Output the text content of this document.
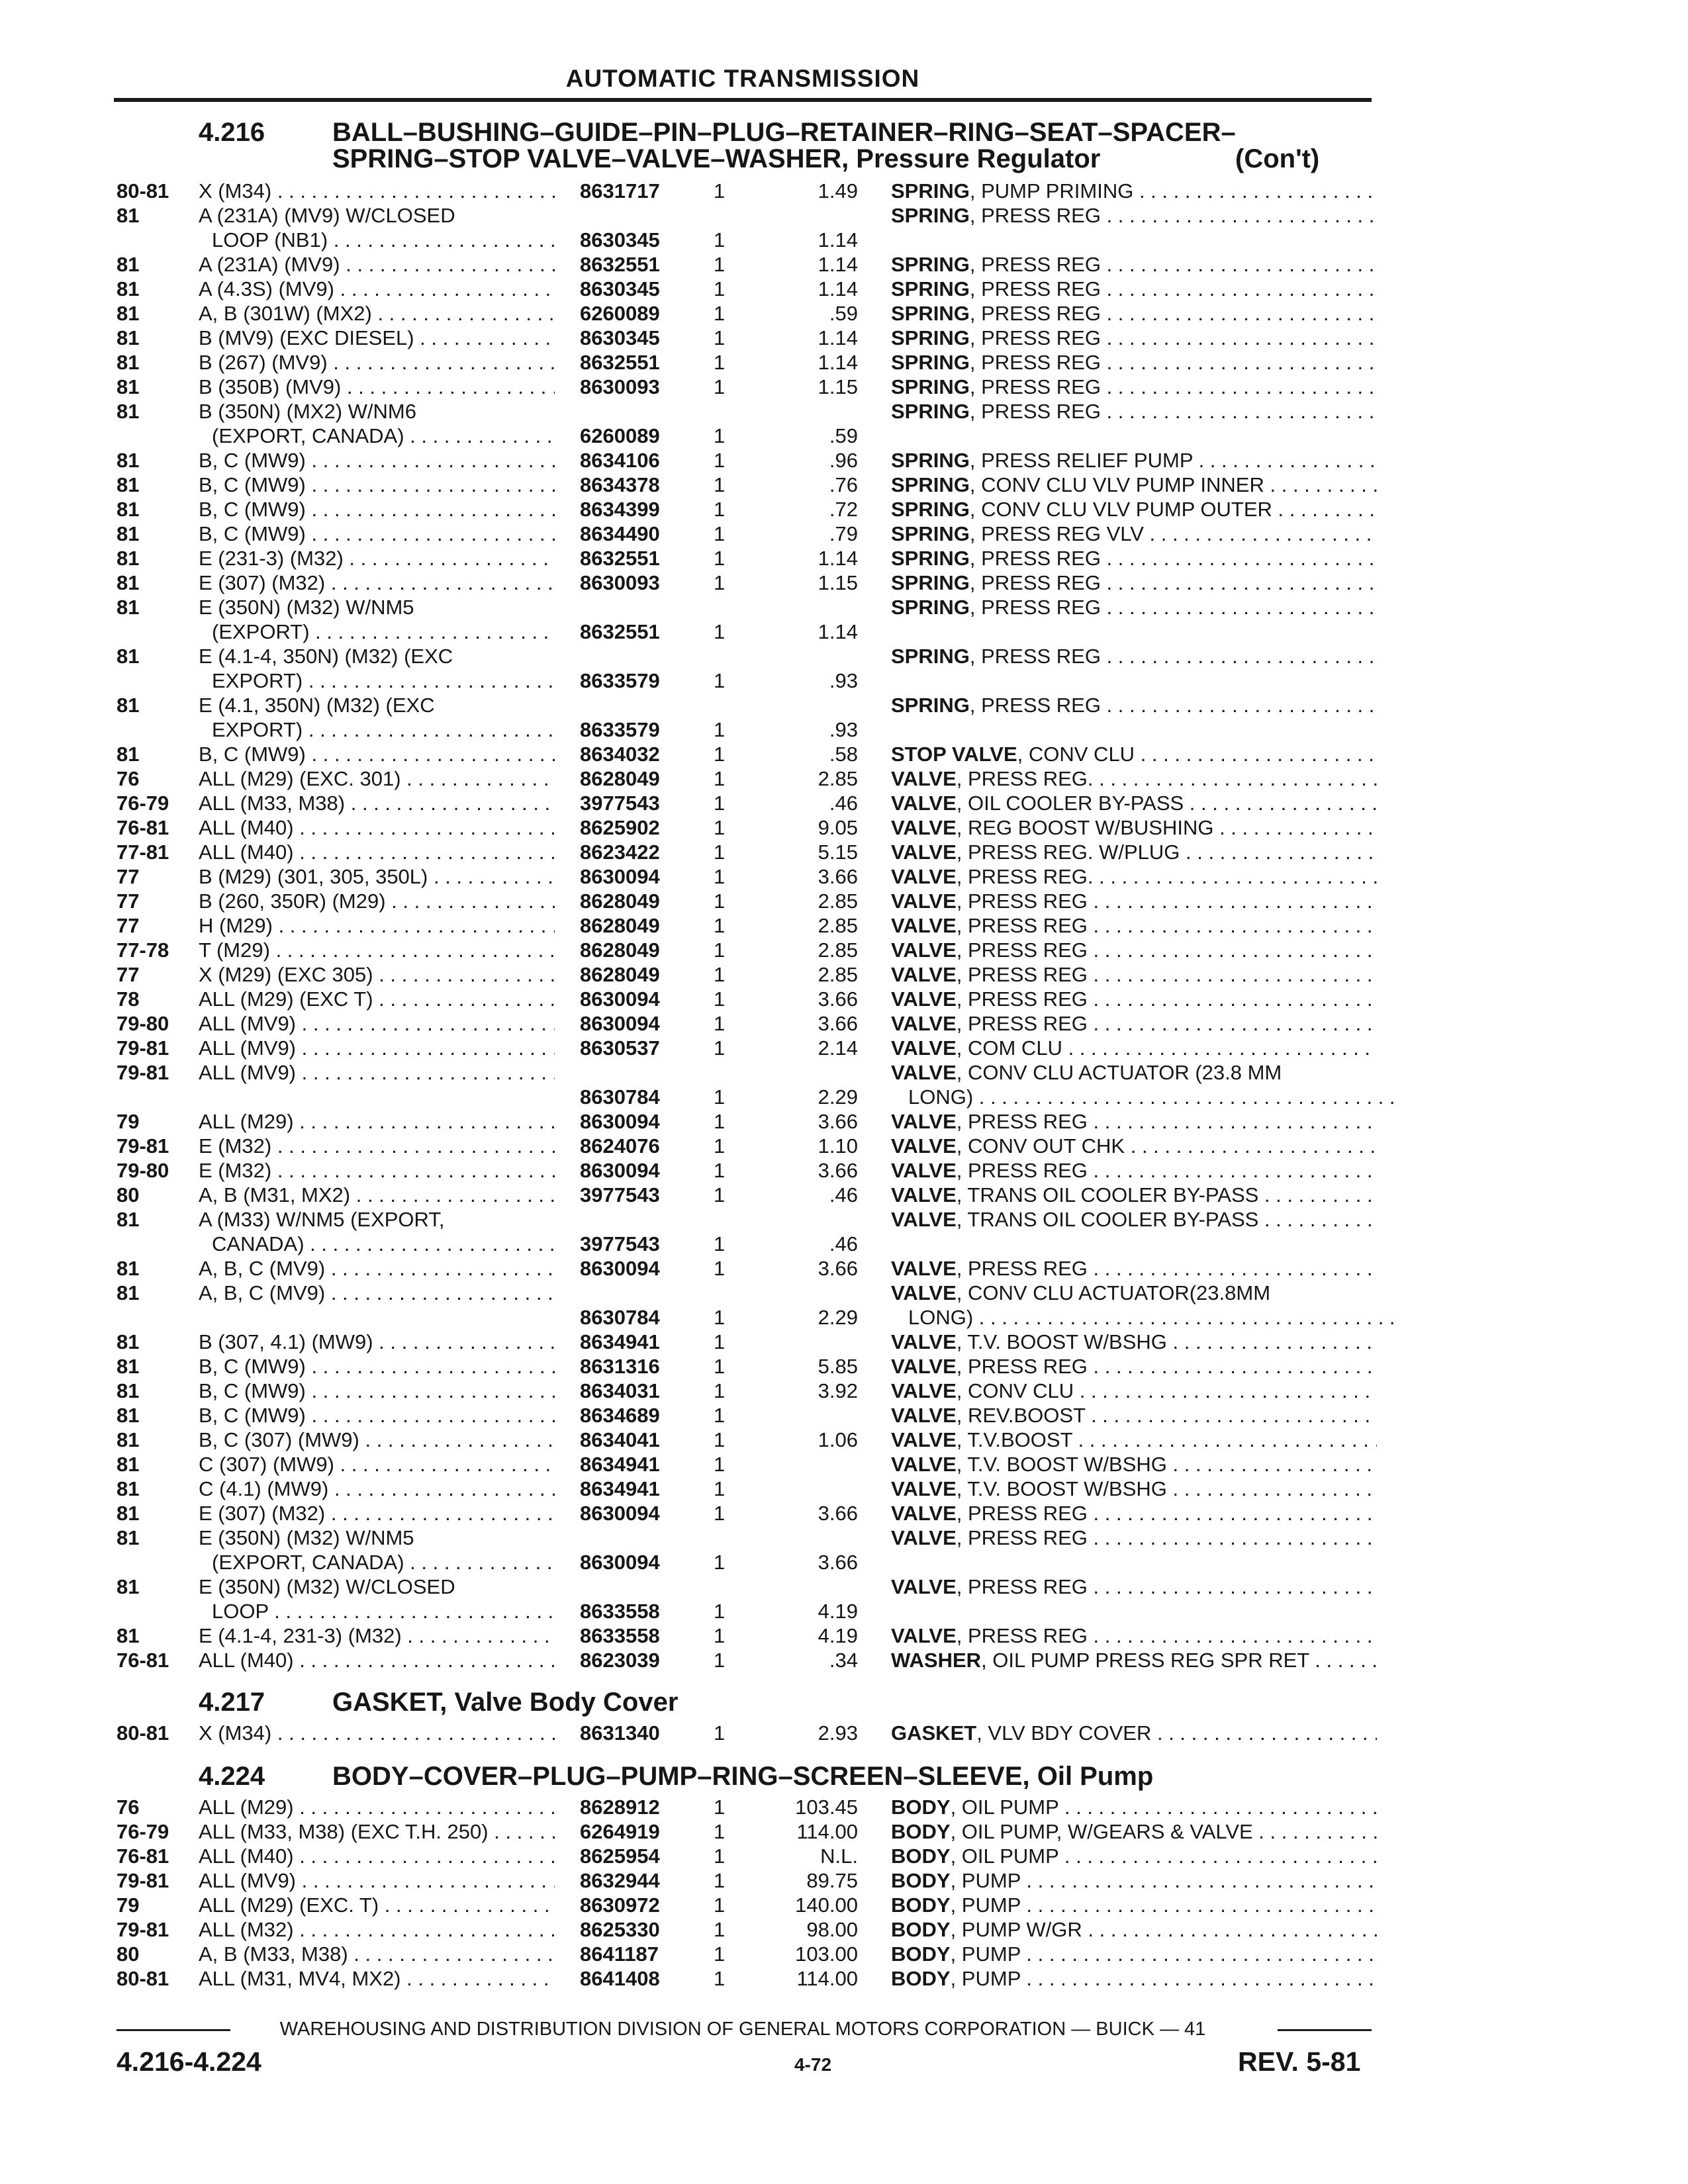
AUTOMATIC TRANSMISSION
4.216	BALL–BUSHING–GUIDE–PIN–PLUG–RETAINER–RING–SEAT–SPACER–
SPRING–STOP VALVE–VALVE–WASHER, Pressure Regulator	(Con't)
80-81 X (M34) . . .	8631717	1	1.49 SPRING, PUMP PRIMING . . .
81	A (231A) (MV9) W/CLOSED	SPRING, PRESS REG . . .
LOOP (NB1) . . .	8630345	1	1.14
81	A (231A) (MV9) . . .	8632551	1	1.14 SPRING, PRESS REG . . .
81	A (4.3S) (MV9) . . .	8630345	1	1.14 SPRING, PRESS REG . . .
81	A, B (301W) (MX2) . . .	6260089	1	.59 SPRING, PRESS REG . . .
81	B (MV9) (EXC DIESEL) . . .	8630345	1	1.14 SPRING, PRESS REG . . .
81	B (267) (MV9) . . .	8632551	1	1.14 SPRING, PRESS REG . . .
81	B (350B) (MV9) . . .	8630093	1	1.15 SPRING, PRESS REG . . .
81	B (350N) (MX2) W/NM6	SPRING, PRESS REG . . .
(EXPORT, CANADA) . . .	6260089	1	.59
81	B, C (MW9) . . .	8634106	1	.96 SPRING, PRESS RELIEF PUMP . . .
81	B, C (MW9) . . .	8634378	1	.76 SPRING, CONV CLU VLV PUMP INNER . . .
81	B, C (MW9) . . .	8634399	1	.72 SPRING, CONV CLU VLV PUMP OUTER . . .
81	B, C (MW9) . . .	8634490	1	.79 SPRING, PRESS REG VLV . . .
81	E (231-3) (M32) . . .	8632551	1	1.14 SPRING, PRESS REG . . .
81	E (307) (M32) . . .	8630093	1	1.15 SPRING, PRESS REG . . .
81	E (350N) (M32) W/NM5	SPRING, PRESS REG . . .
(EXPORT) . . .	8632551	1	1.14
81	E (4.1-4, 350N) (M32) (EXC	SPRING, PRESS REG . . .
EXPORT) . . .	8633579	1	.93
81	E (4.1, 350N) (M32) (EXC	SPRING, PRESS REG . . .
EXPORT) . . .	8633579	1	.93
81	B, C (MW9) . . .	8634032	1	.58 STOP VALVE, CONV CLU . . .
76	ALL (M29) (EXC. 301) . . .	8628049	1	2.85 VALVE, PRESS REG. . . .
76-79 ALL (M33, M38) . . .	3977543	1	.46 VALVE, OIL COOLER BY-PASS . . .
76-81 ALL (M40) . . .	8625902	1	9.05 VALVE, REG BOOST W/BUSHING . . .
77-81 ALL (M40) . . .	8623422	1	5.15 VALVE, PRESS REG. W/PLUG . . .
77	B (M29) (301, 305, 350L) . . .	8630094	1	3.66 VALVE, PRESS REG. . . .
77	B (260, 350R) (M29) . . .	8628049	1	2.85 VALVE, PRESS REG . . .
77	H (M29) . . .	8628049	1	2.85 VALVE, PRESS REG . . .
77-78 T (M29) . . .	8628049	1	2.85 VALVE, PRESS REG . . .
77	X (M29) (EXC 305) . . .	8628049	1	2.85 VALVE, PRESS REG . . .
78	ALL (M29) (EXC T) . . .	8630094	1	3.66 VALVE, PRESS REG . . .
79-80 ALL (MV9) . . .	8630094	1	3.66 VALVE, PRESS REG . . .
79-81 ALL (MV9) . . .	8630537	1	2.14 VALVE, COM CLU . . .
79-81 ALL (MV9) . . .	VALVE, CONV CLU ACTUATOR (23.8 MM
8630784	1	2.29 LONG) . . .
79	ALL (M29) . . .	8630094	1	3.66 VALVE, PRESS REG . . .
79-81 E (M32) . . .	8624076	1	1.10 VALVE, CONV OUT CHK . . .
79-80 E (M32) . . .	8630094	1	3.66 VALVE, PRESS REG . . .
80	A, B (M31, MX2) . . .	3977543	1	.46 VALVE, TRANS OIL COOLER BY-PASS . . .
81	A (M33) W/NM5 (EXPORT,	VALVE, TRANS OIL COOLER BY-PASS . . .
CANADA) . . .	3977543	1	.46
81	A, B, C (MV9) . . .	8630094	1	3.66 VALVE, PRESS REG . . .
81	A, B, C (MV9) . . .	VALVE, CONV CLU ACTUATOR(23.8MM
8630784	1	2.29 LONG) . . .
81	B (307, 4.1) (MW9) . . .	8634941	1	VALVE, T.V. BOOST W/BSHG . . .
81	B, C (MW9) . . .	8631316	1	5.85 VALVE, PRESS REG . . .
81	B, C (MW9) . . .	8634031	1	3.92 VALVE, CONV CLU . . .
81	B, C (MW9) . . .	8634689	1	VALVE, REV.BOOST . . .
81	B, C (307) (MW9) . . .	8634041	1	1.06 VALVE, T.V.BOOST . . .
81	C (307) (MW9) . . .	8634941	1	VALVE, T.V. BOOST W/BSHG . . .
81	C (4.1) (MW9) . . .	8634941	1	VALVE, T.V. BOOST W/BSHG . . .
81	E (307) (M32) . . .	8630094	1	3.66 VALVE, PRESS REG . . .
81	E (350N) (M32) W/NM5	VALVE, PRESS REG . . .
(EXPORT, CANADA) . . .	8630094	1	3.66
81	E (350N) (M32) W/CLOSED	VALVE, PRESS REG . . .
LOOP . . .	8633558	1	4.19
81	E (4.1-4, 231-3) (M32) . . .	8633558	1	4.19 VALVE, PRESS REG . . .
76-81 ALL (M40) . . .	8623039	1	.34 WASHER, OIL PUMP PRESS REG SPR RET . . .
4.217	GASKET, Valve Body Cover
80-81 X (M34) . . .	8631340	1	2.93 GASKET, VLV BDY COVER . . .
4.224	BODY–COVER–PLUG–PUMP–RING–SCREEN–SLEEVE, Oil Pump
76	ALL (M29) . . .	8628912	1	103.45 BODY, OIL PUMP . . .
76-79 ALL (M33, M38) (EXC T.H. 250) . . .	6264919	1	114.00 BODY, OIL PUMP, W/GEARS & VALVE . . .
76-81 ALL (M40) . . .	8625954	1	N.L. BODY, OIL PUMP . . .
79-81 ALL (MV9) . . .	8632944	1	89.75 BODY, PUMP . . .
79	ALL (M29) (EXC. T) . . .	8630972	1	140.00 BODY, PUMP . . .
79-81 ALL (M32) . . .	8625330	1	98.00 BODY, PUMP W/GR . . .
80	A, B (M33, M38) . . .	8641187	1	103.00 BODY, PUMP . . .
80-81 ALL (M31, MV4, MX2) . . .	8641408	1	114.00 BODY, PUMP . . .
WAREHOUSING AND DISTRIBUTION DIVISION OF GENERAL MOTORS CORPORATION — BUICK — 41
4.216-4.224	4-72	REV. 5-81
